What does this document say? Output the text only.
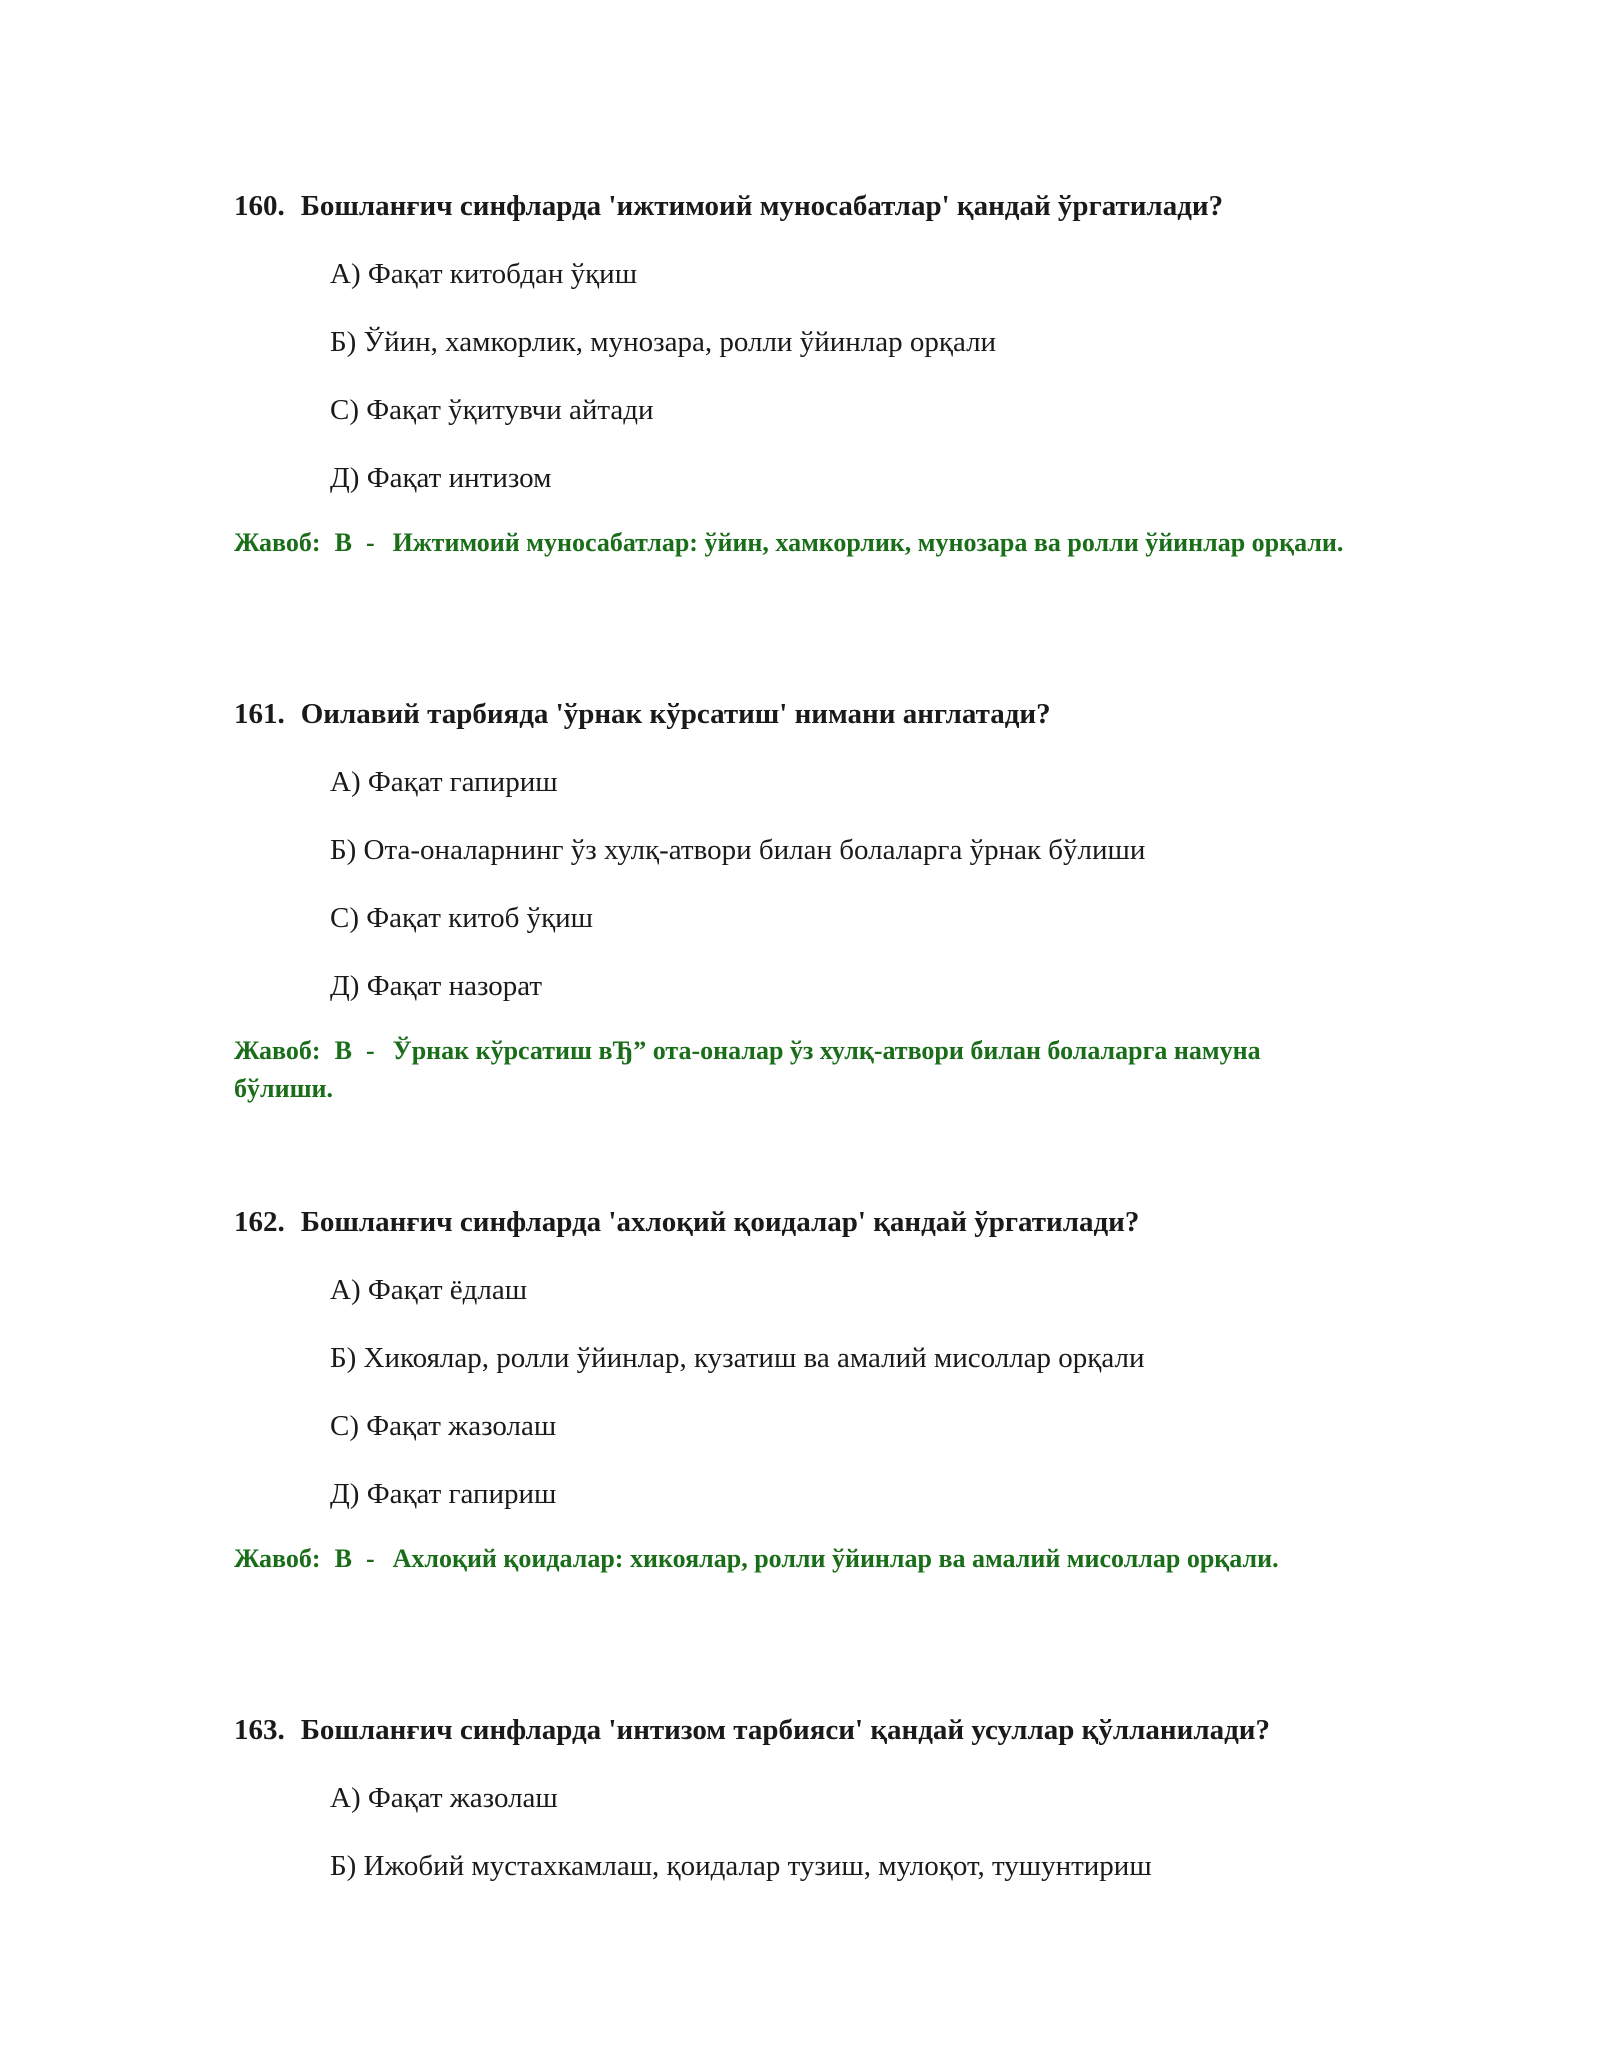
160. Бошланғич синфларда 'ижтимоий муносабатлар' қандай ўргатилади?

А) Фақат китобдан ўқиш
Б) Ўйин, хамкорлик, мунозара, ролли ўйинлар орқали
С) Фақат ўқитувчи айтади
Д) Фақат интизом
Жавоб: B - Ижтимоий муносабатлар: ўйин, хамкорлик, мунозара ва ролли ўйинлар орқали.

161. Оилавий тарбияда 'ўрнак кўрсатиш' нимани англатади?

А) Фақат гапириш
Б) Ота-оналарнинг ўз хулқ-атвори билан болаларга ўрнак бўлиши
С) Фақат китоб ўқиш
Д) Фақат назорат
Жавоб: B - Ўрнак кўрсатиш вЂ” ота-оналар ўз хулқ-атвори билан болаларга намуна бўлиши.

162. Бошланғич синфларда 'ахлоқий қоидалар' қандай ўргатилади?

А) Фақат ёдлаш
Б) Хикоялар, ролли ўйинлар, кузатиш ва амалий мисоллар орқали
С) Фақат жазолаш
Д) Фақат гапириш
Жавоб: B - Ахлоқий қоидалар: хикоялар, ролли ўйинлар ва амалий мисоллар орқали.

163. Бошланғич синфларда 'интизом тарбияси' қандай усуллар қўлланилади?

А) Фақат жазолаш
Б) Ижобий мустахкамлаш, қоидалар тузиш, мулоқот, тушунтириш
